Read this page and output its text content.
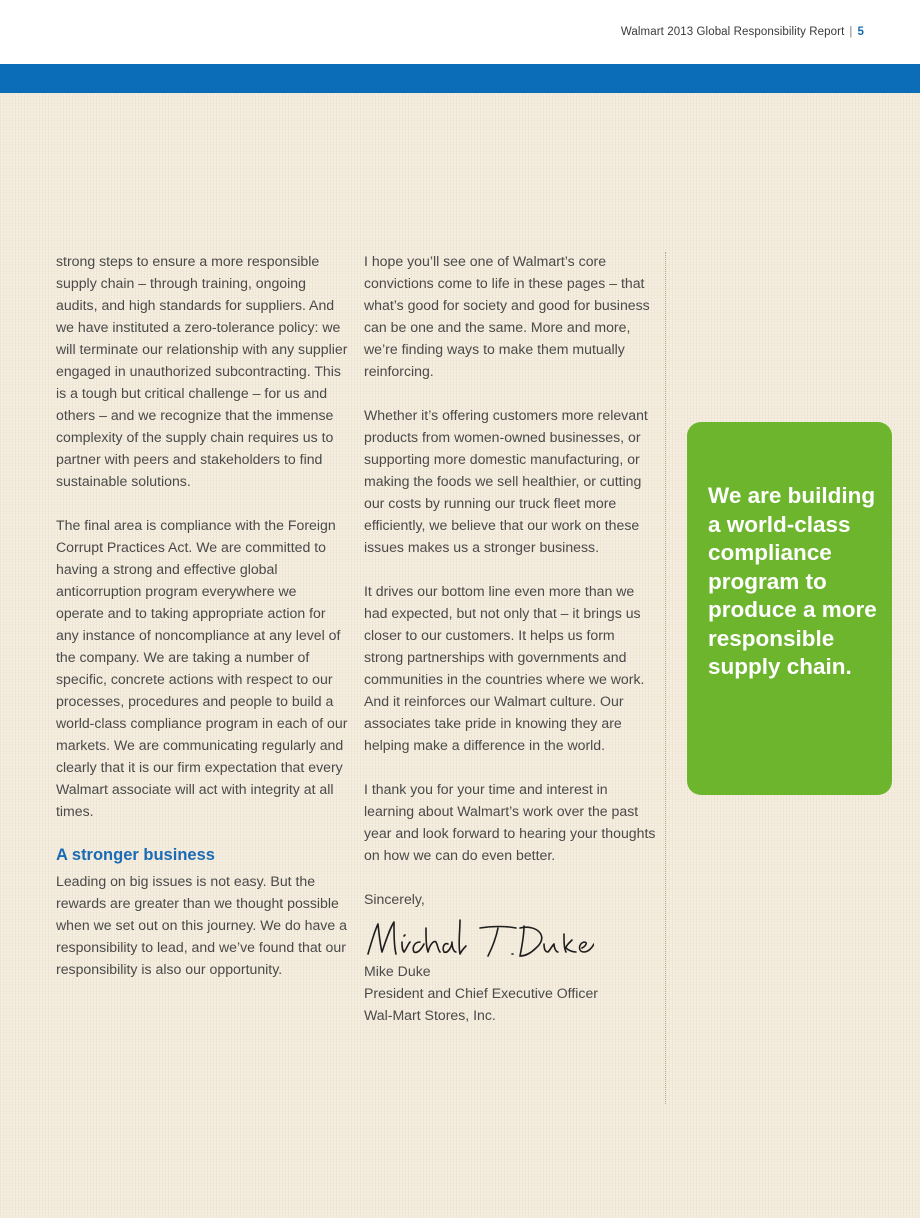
Walmart 2013 Global Responsibility Report | 5

strong steps to ensure a more responsible supply chain – through training, ongoing audits, and high standards for suppliers. And we have instituted a zero-tolerance policy: we will terminate our relationship with any supplier engaged in unauthorized subcontracting. This is a tough but critical challenge – for us and others – and we recognize that the immense complexity of the supply chain requires us to partner with peers and stakeholders to find sustainable solutions.

The final area is compliance with the Foreign Corrupt Practices Act. We are committed to having a strong and effective global anticorruption program everywhere we operate and to taking appropriate action for any instance of noncompliance at any level of the company. We are taking a number of specific, concrete actions with respect to our processes, procedures and people to build a world-class compliance program in each of our markets. We are communicating regularly and clearly that it is our firm expectation that every Walmart associate will act with integrity at all times.

A stronger business

Leading on big issues is not easy. But the rewards are greater than we thought possible when we set out on this journey. We do have a responsibility to lead, and we’ve found that our responsibility is also our opportunity.

I hope you’ll see one of Walmart’s core convictions come to life in these pages – that what’s good for society and good for business can be one and the same. More and more, we’re finding ways to make them mutually reinforcing.

Whether it’s offering customers more relevant products from women-owned businesses, or supporting more domestic manufacturing, or making the foods we sell healthier, or cutting our costs by running our truck fleet more efficiently, we believe that our work on these issues makes us a stronger business.

It drives our bottom line even more than we had expected, but not only that – it brings us closer to our customers. It helps us form strong partnerships with governments and communities in the countries where we work. And it reinforces our Walmart culture. Our associates take pride in knowing they are helping make a difference in the world.

I thank you for your time and interest in learning about Walmart’s work over the past year and look forward to hearing your thoughts on how we can do even better.

Sincerely,

Mike Duke
President and Chief Executive Officer
Wal-Mart Stores, Inc.
We are building a world-class compliance program to produce a more responsible supply chain.
